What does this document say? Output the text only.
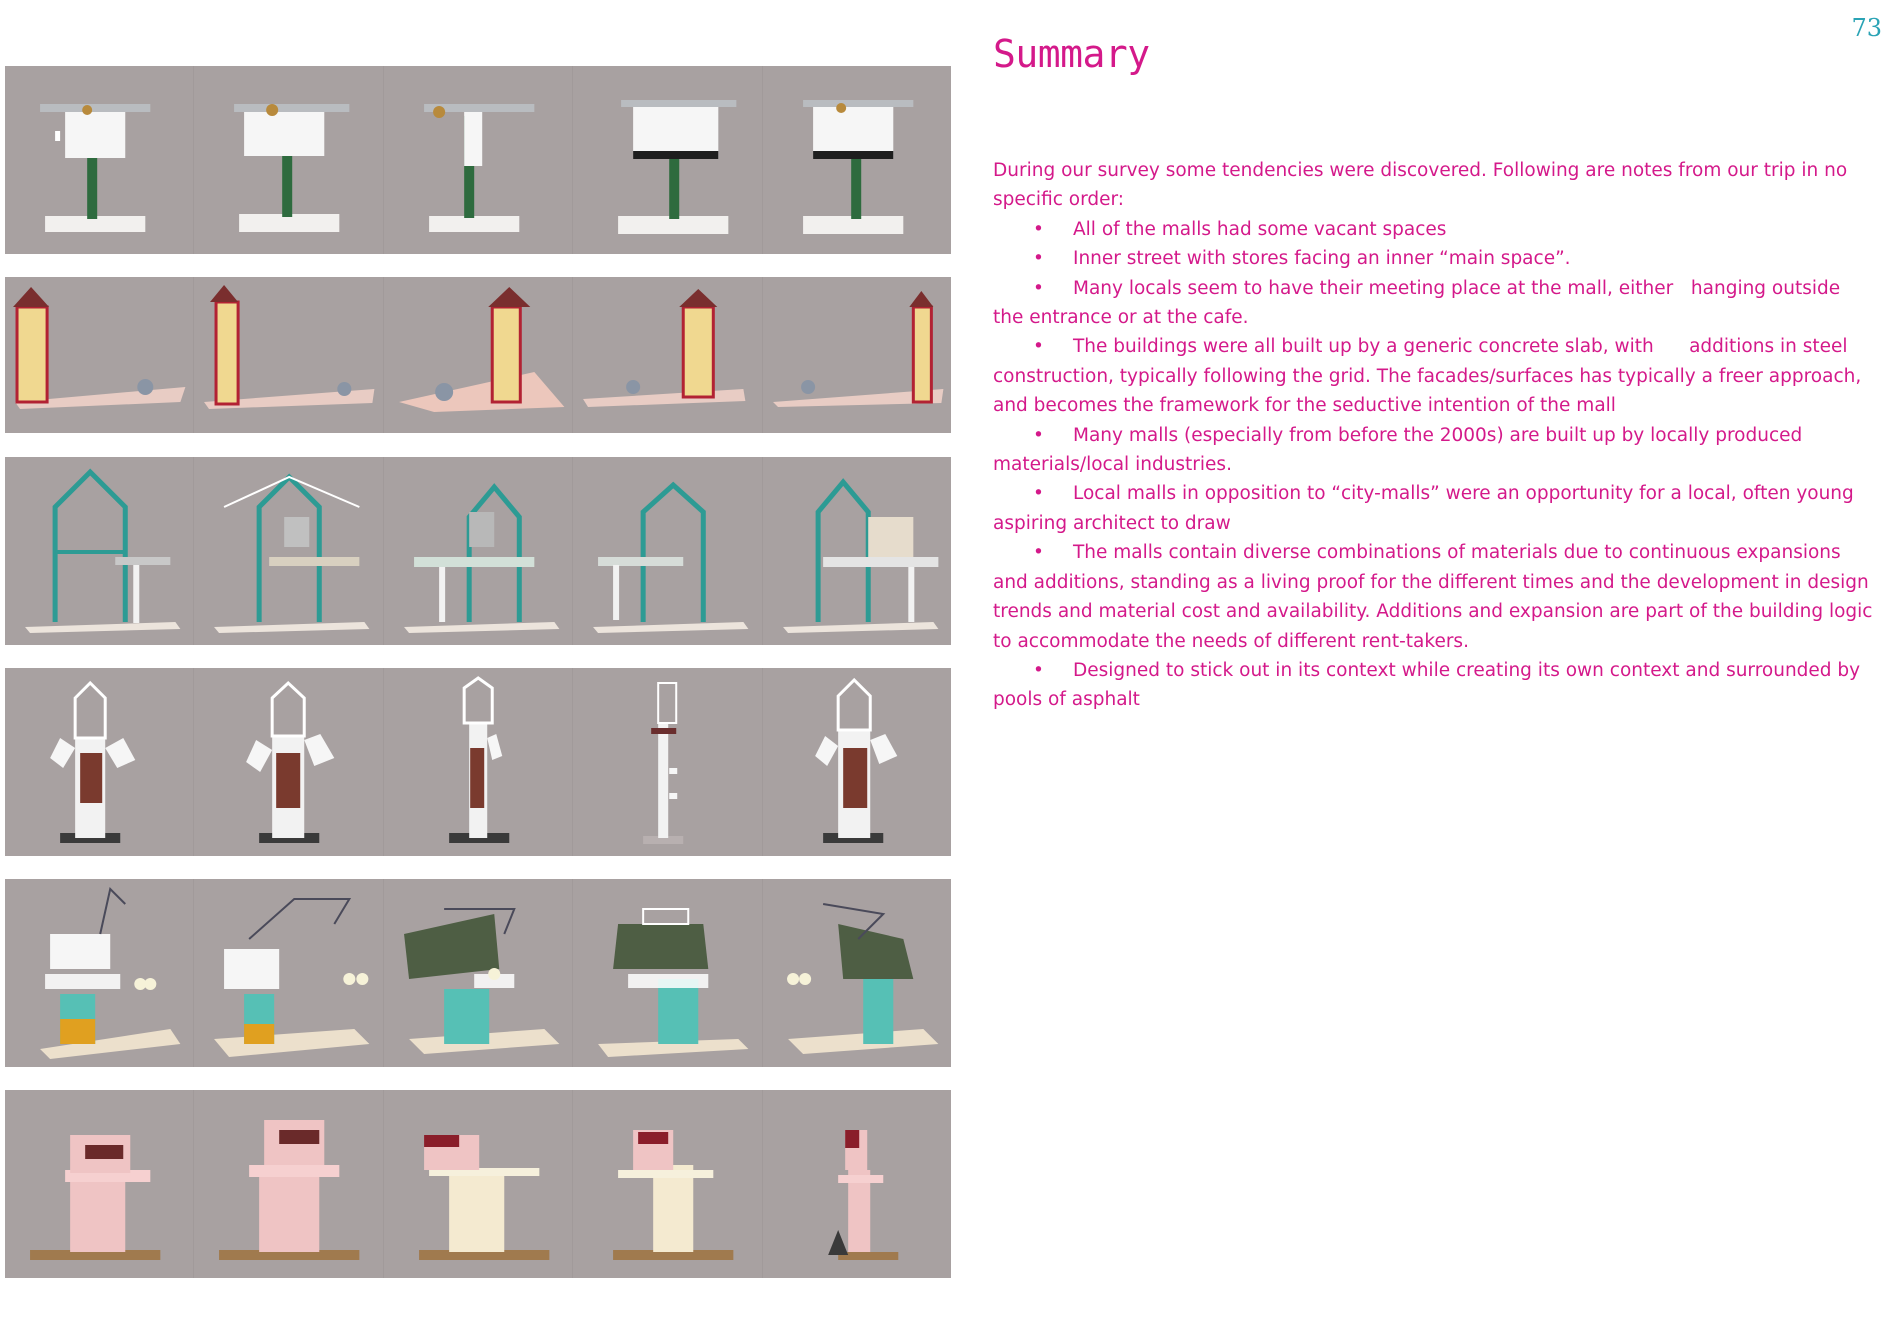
73
Summary

During our survey some tendencies were discovered. Following are notes from our trip in no specific order:

• All of the malls had some vacant spaces

• Inner street with stores facing an inner “main space”.

• Many locals seem to have their meeting place at the mall, either   hanging outside the entrance or at the cafe.

• The buildings were all built up by a generic concrete slab, with      additions in steel construction, typically following the grid. The facades/surfaces has typically a freer approach, and becomes the framework for the seductive intention of the mall

• Many malls (especially from before the 2000s) are built up by locally produced materials/local industries.

• Local malls in opposition to “city-malls” were an opportunity for a local, often young aspiring architect to draw

• The malls contain diverse combinations of materials due to continuous expansions and additions, standing as a living proof for the different times and the development in design trends and material cost and availability. Additions and expansion are part of the building logic to accommodate the needs of different rent-takers.

• Designed to stick out in its context while creating its own context and surrounded by pools of asphalt
